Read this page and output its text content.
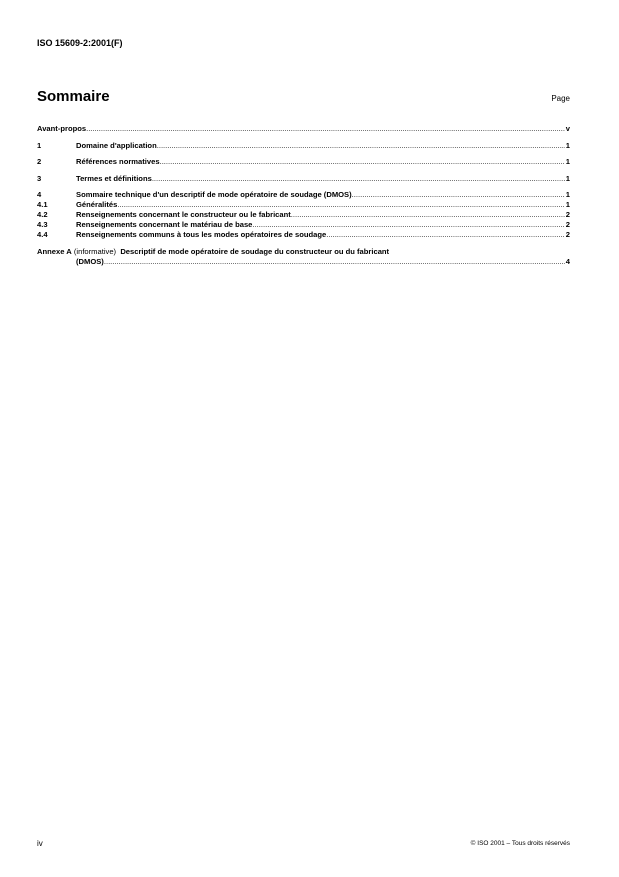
ISO 15609-2:2001(F)
Sommaire	Page
Avant-propos .....	v
1	Domaine d'application .....	1
2	Références normatives .....	1
3	Termes et définitions .....	1
4	Sommaire technique d'un descriptif de mode opératoire de soudage (DMOS) .....	1
4.1	Généralités .....	1
4.2	Renseignements concernant le constructeur ou le fabricant .....	2
4.3	Renseignements concernant le matériau de base .....	2
4.4	Renseignements communs à tous les modes opératoires de soudage .....	2
Annexe A
(informative)
Descriptif de mode opératoire de soudage du constructeur ou du fabricant
(DMOS) .....	4
iv	© ISO 2001 – Tous droits réservés
